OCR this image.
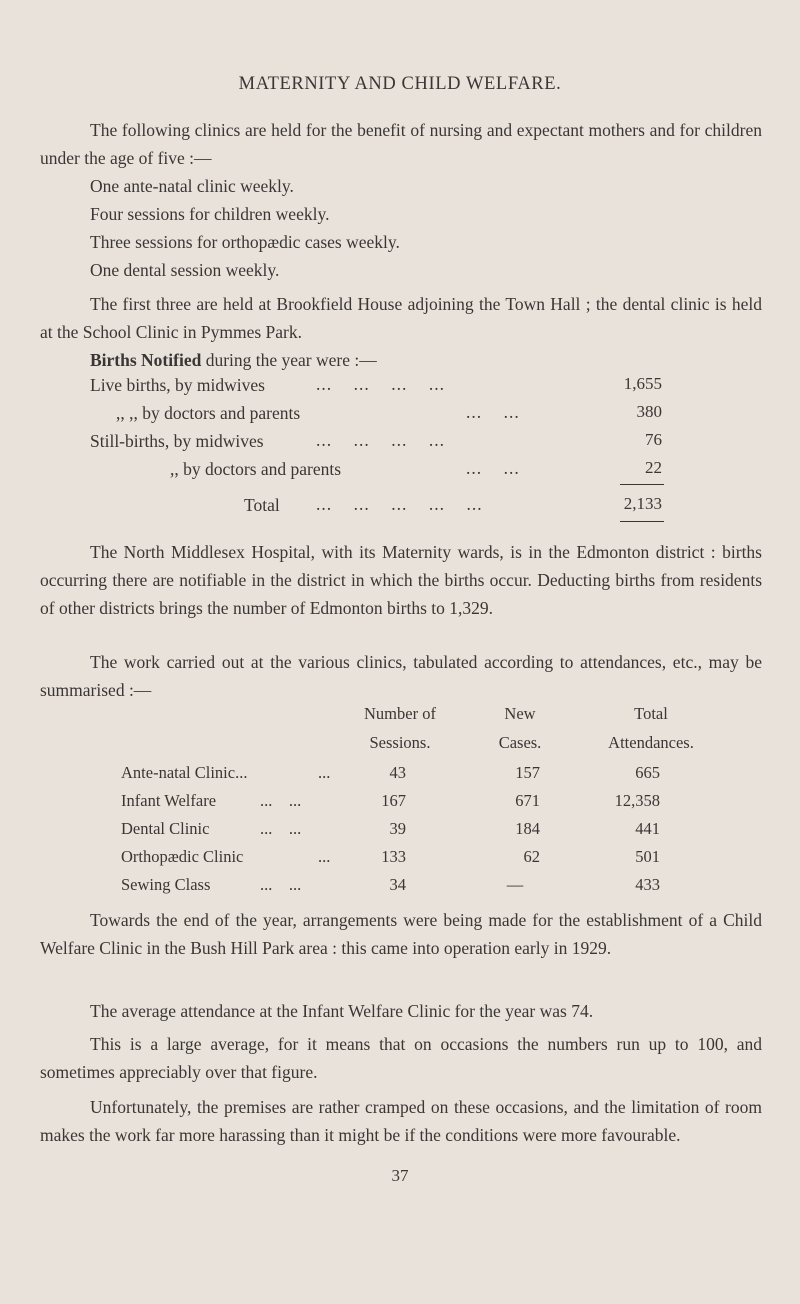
MATERNITY AND CHILD WELFARE.
The following clinics are held for the benefit of nursing and expectant mothers and for children under the age of five :—
One ante-natal clinic weekly.
Four sessions for children weekly.
Three sessions for orthopædic cases weekly.
One dental session weekly.
The first three are held at Brookfield House adjoining the Town Hall ; the dental clinic is held at the School Clinic in Pymmes Park.
Births Notified during the year were :—
Live births, by midwives	...    ...    ...    ...	1,655
,, ,, by doctors and parents	...    ...	380
Still-births, by midwives	...    ...    ...    ...	76
,, by doctors and parents	...    ...	22
Total ...    ...    ...    ...    ...	2,133
The North Middlesex Hospital, with its Maternity wards, is in the Edmonton district : births occurring there are notifiable in the district in which the births occur. Deducting births from residents of other districts brings the number of Edmonton births to 1,329.
The work carried out at the various clinics, tabulated according to attendances, etc., may be summarised :—
Number of
Sessions.
New
Cases.
Total
Attendances.
Ante-natal Clinic...	...	43	157	665
Infant Welfare	...    ...	167	671	12,358
Dental Clinic	...    ...	39	184	441
Orthopædic Clinic	...	133	62	501
Sewing Class	...    ...	34	—	433
Towards the end of the year, arrangements were being made for the establishment of a Child Welfare Clinic in the Bush Hill Park area : this came into operation early in 1929.
The average attendance at the Infant Welfare Clinic for the year was 74.
This is a large average, for it means that on occasions the numbers run up to 100, and sometimes appreciably over that figure.
Unfortunately, the premises are rather cramped on these occasions, and the limitation of room makes the work far more harassing than it might be if the conditions were more favourable.
37
